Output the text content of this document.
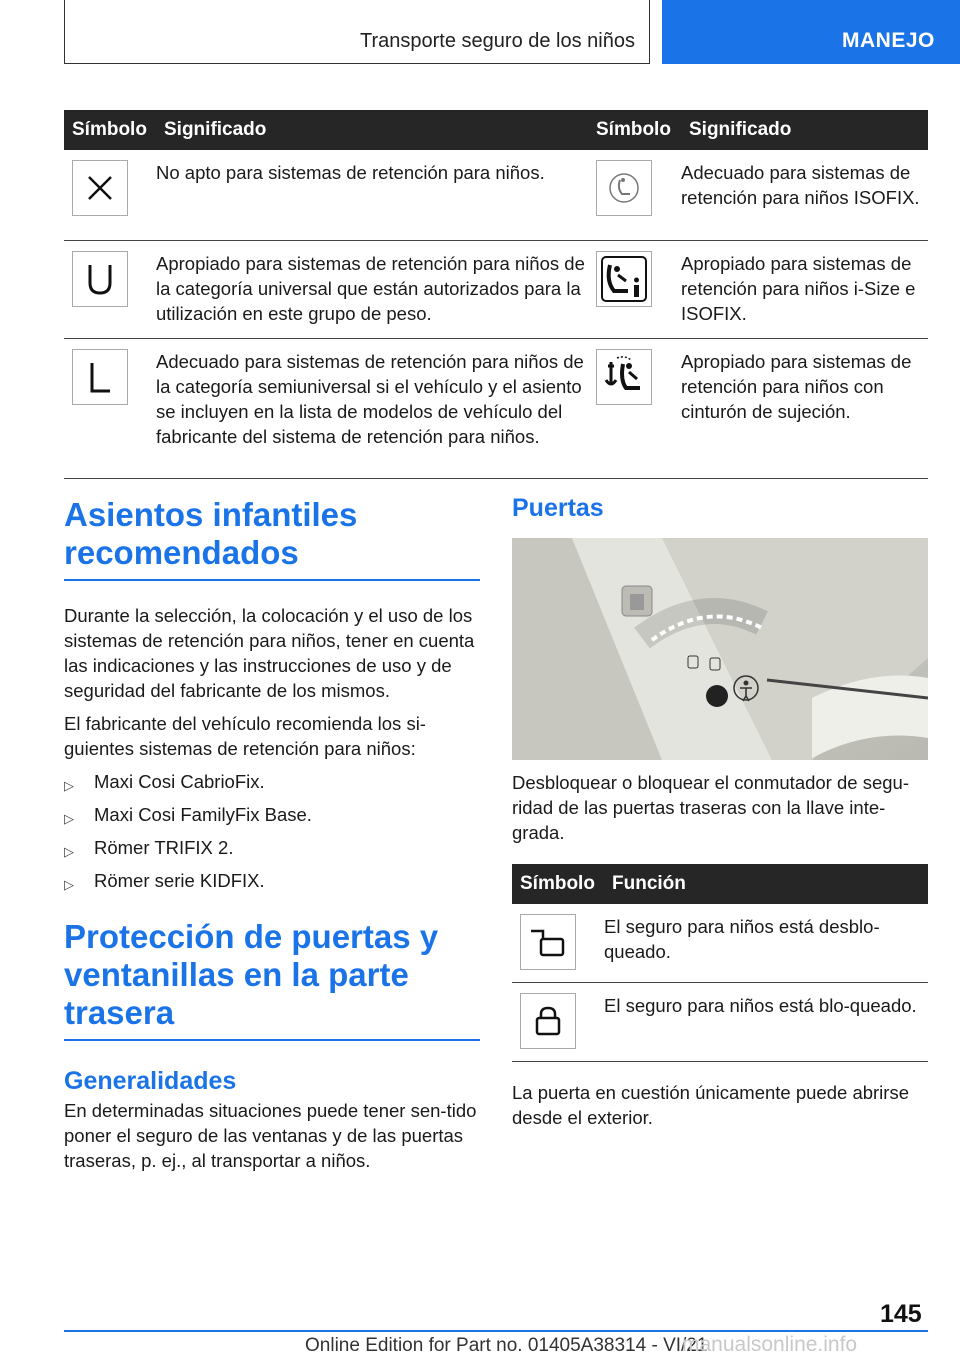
Transporte seguro de los niños	MANEJO
Símbolo	Significado	Símbolo	Significado

	No apto para sistemas de retención para niños.		Adecuado para sistemas de retención para niños ISOFIX.

	Apropiado para sistemas de retención para niños de la categoría universal que están autorizados para la utilización en este grupo de peso.		Apropiado para sistemas de retención para niños i-Size e ISOFIX.

	Adecuado para sistemas de retención para niños de la categoría semiuniversal si el vehículo y el asiento se incluyen en la lista de modelos de vehículo del fabricante del sistema de retención para niños.		Apropiado para sistemas de retención para niños con cinturón de sujeción.
Asientos infantiles recomendados

Durante la selección, la colocación y el uso de los sistemas de retención para niños, tener en cuenta las indicaciones y las instrucciones de uso y de seguridad del fabricante de los mismos.

El fabricante del vehículo recomienda los si-guientes sistemas de retención para niños:

▷ Maxi Cosi CabrioFix.
▷ Maxi Cosi FamilyFix Base.
▷ Römer TRIFIX 2.
▷ Römer serie KIDFIX.
Protección de puertas y ventanillas en la parte trasera
Generalidades

En determinadas situaciones puede tener sen-tido poner el seguro de las ventanas y de las puertas traseras, p. ej., al transportar a niños.

Puertas

Desbloquear o bloquear el conmutador de segu-ridad de las puertas traseras con la llave inte-grada.

Símbolo	Función

	El seguro para niños está desblo-queado.

	El seguro para niños está blo-queado.

La puerta en cuestión únicamente puede abrirse desde el exterior.

145
Online Edition for Part no. 01405A38314 - VI/21
manualsonline.info
